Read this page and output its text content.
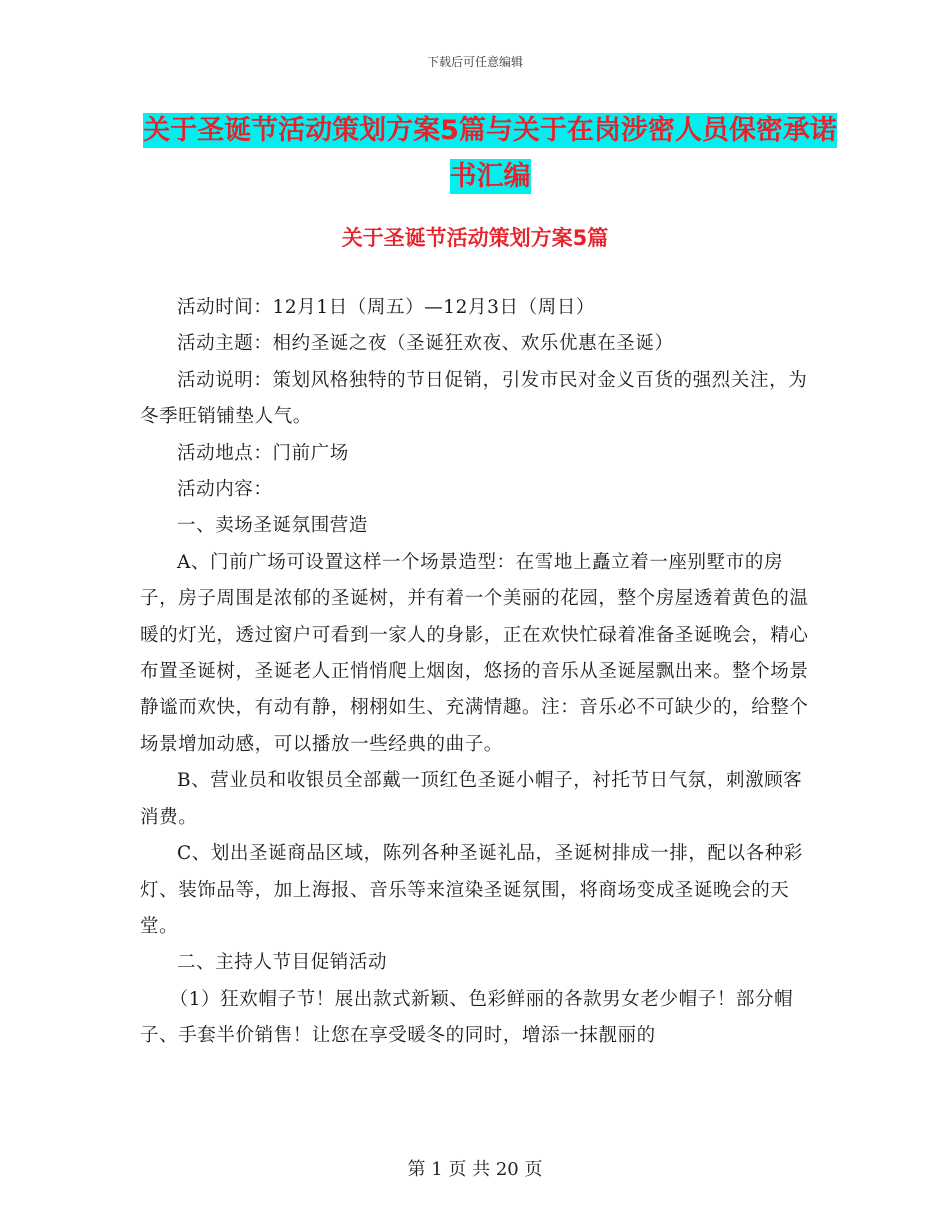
下载后可任意编辑
关于圣诞节活动策划方案5篇与关于在岗涉密人员保密承诺书汇编
关于圣诞节活动策划方案5篇

活动时间：12月1日（周五）—12月3日（周日）

活动主题：相约圣诞之夜（圣诞狂欢夜、欢乐优惠在圣诞）

活动说明：策划风格独特的节日促销，引发市民对金义百货的强烈关注，为冬季旺销铺垫人气。

活动地点：门前广场

活动内容：

一、卖场圣诞氛围营造

A、门前广场可设置这样一个场景造型：在雪地上矗立着一座别墅市的房子，房子周围是浓郁的圣诞树，并有着一个美丽的花园，整个房屋透着黄色的温暖的灯光，透过窗户可看到一家人的身影，正在欢快忙碌着准备圣诞晚会，精心布置圣诞树，圣诞老人正悄悄爬上烟囱，悠扬的音乐从圣诞屋飘出来。整个场景静谧而欢快，有动有静，栩栩如生、充满情趣。注：音乐必不可缺少的，给整个场景增加动感，可以播放一些经典的曲子。

B、营业员和收银员全部戴一顶红色圣诞小帽子，衬托节日气氛，刺激顾客消费。

C、划出圣诞商品区域，陈列各种圣诞礼品，圣诞树排成一排，配以各种彩灯、装饰品等，加上海报、音乐等来渲染圣诞氛围，将商场变成圣诞晚会的天堂。

二、主持人节目促销活动

（1）狂欢帽子节！展出款式新颖、色彩鲜丽的各款男女老少帽子！部分帽子、手套半价销售！让您在享受暖冬的同时，增添一抹靓丽的

第 1 页 共 20 页
